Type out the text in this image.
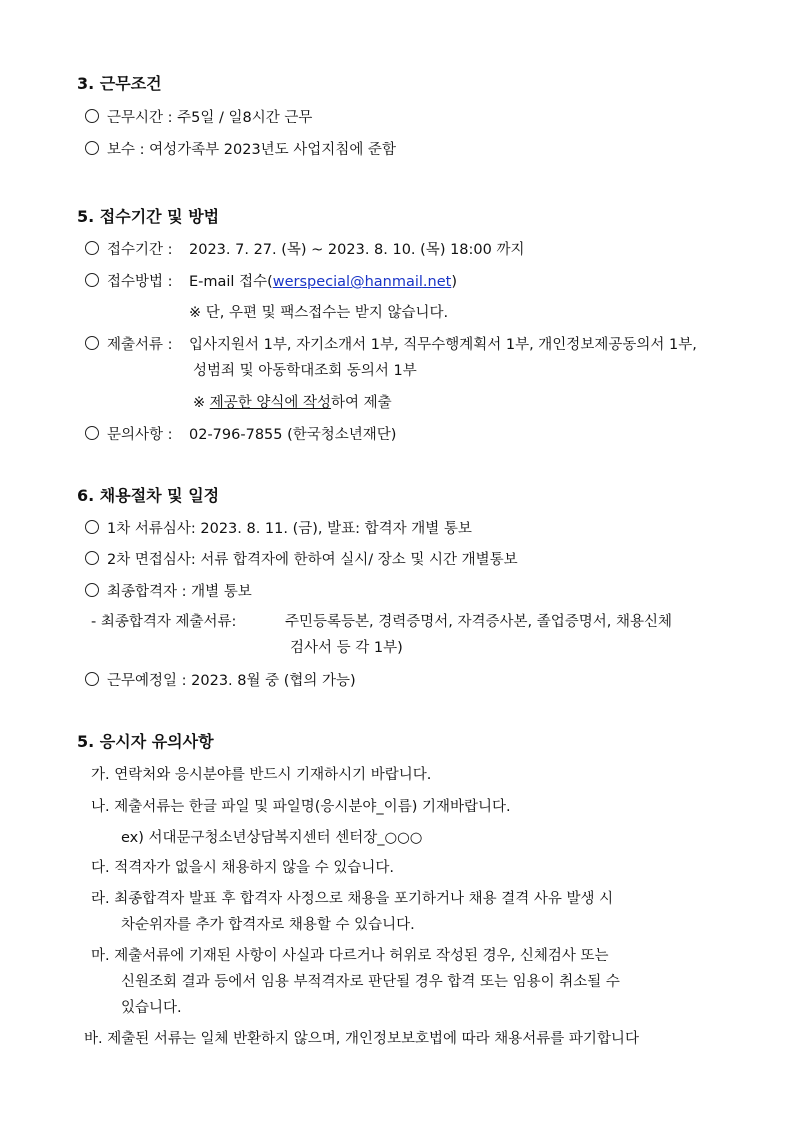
3. 근무조건
근무시간 : 주5일 / 일8시간 근무
보수 : 여성가족부 2023년도 사업지침에 준함
5. 접수기간 및 방법
접수기간 : 2023. 7. 27. (목) ~ 2023. 8. 10. (목) 18:00 까지
접수방법 : E-mail 접수(werspecial@hanmail.net)
※ 단, 우편 및 팩스접수는 받지 않습니다.
제출서류 : 입사지원서 1부, 자기소개서 1부, 직무수행계획서 1부, 개인정보제공동의서 1부,
성범죄 및 아동학대조회 동의서 1부
※ 제공한 양식에 작성하여 제출
문의사항 : 02-796-7855 (한국청소년재단)
6. 채용절차 및 일정
1차 서류심사: 2023. 8. 11. (금), 발표: 합격자 개별 통보
2차 면접심사: 서류 합격자에 한하여 실시/ 장소 및 시간 개별통보
최종합격자 : 개별 통보
- 최종합격자 제출서류:	주민등록등본, 경력증명서, 자격증사본, 졸업증명서, 채용신체
검사서 등 각 1부)
근무예정일 : 2023. 8월 중 (협의 가능)
5. 응시자 유의사항
가. 연락처와 응시분야를 반드시 기재하시기 바랍니다.
나. 제출서류는 한글 파일 및 파일명(응시분야_이름) 기재바랍니다.
ex) 서대문구청소년상담복지센터 센터장_○○○
다. 적격자가 없을시 채용하지 않을 수 있습니다.
라. 최종합격자 발표 후 합격자 사정으로 채용을 포기하거나 채용 결격 사유 발생 시
차순위자를 추가 합격자로 채용할 수 있습니다.
마. 제출서류에 기재된 사항이 사실과 다르거나 허위로 작성된 경우, 신체검사 또는
신원조회 결과 등에서 임용 부적격자로 판단될 경우 합격 또는 임용이 취소될 수
있습니다.
바. 제출된 서류는 일체 반환하지 않으며, 개인정보보호법에 따라 채용서류를 파기합니다
